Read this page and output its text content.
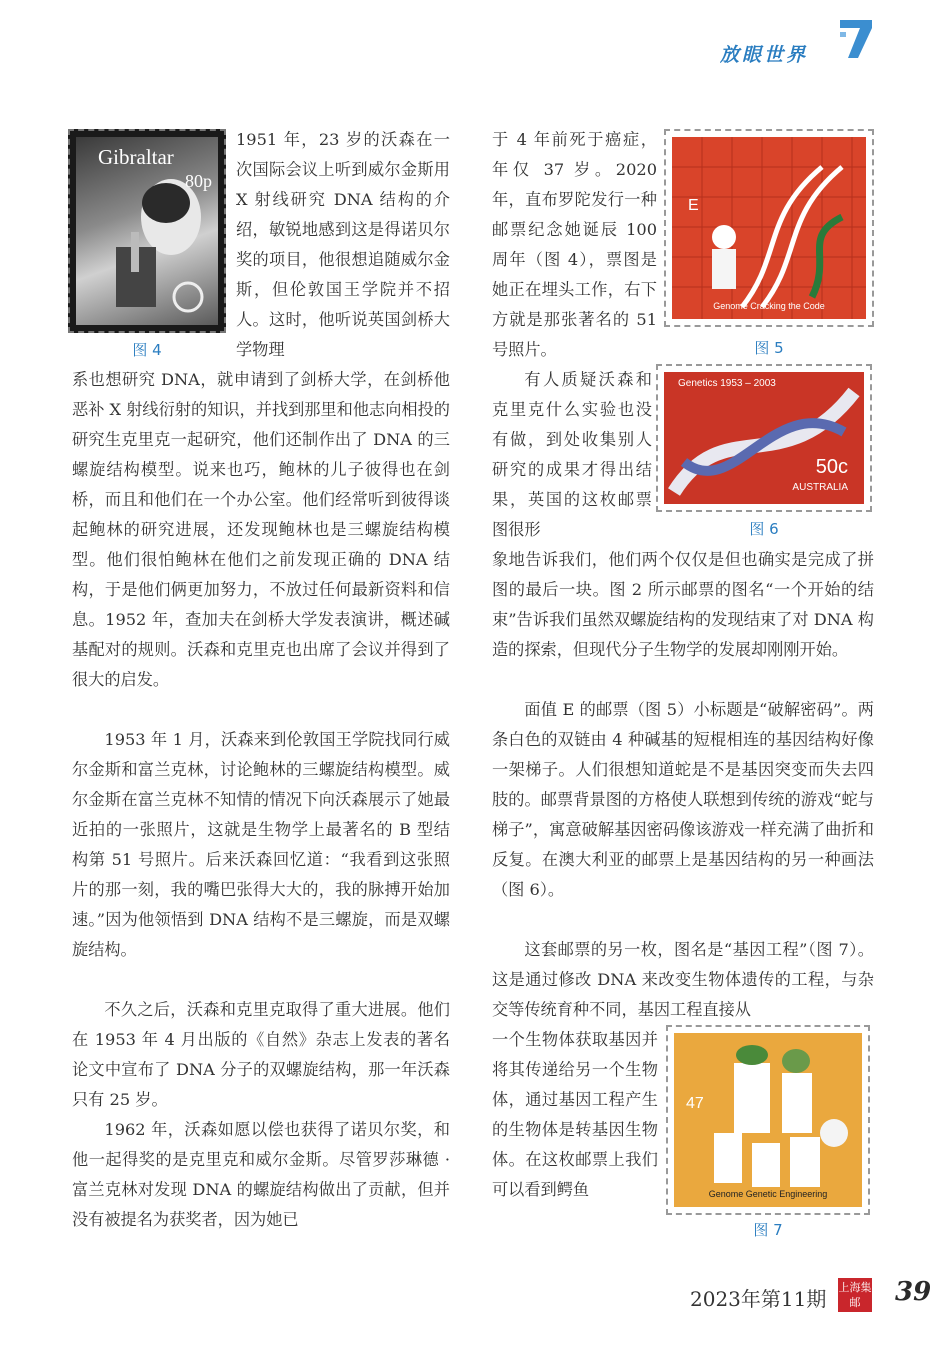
放眼世界
Gibraltar
80p
图 4

1951 年，23 岁的沃森在一次国际会议上听到威尔金斯用 X 射线研究 DNA 结构的介绍，敏锐地感到这是得诺贝尔奖的项目，他很想追随威尔金斯，但伦敦国王学院并不招人。这时，他听说英国剑桥大学物理

系也想研究 DNA，就申请到了剑桥大学，在剑桥他恶补 X 射线衍射的知识，并找到那里和他志向相投的研究生克里克一起研究，他们还制作出了 DNA 的三螺旋结构模型。说来也巧，鲍林的儿子彼得也在剑桥，而且和他们在一个办公室。他们经常听到彼得谈起鲍林的研究进展，还发现鲍林也是三螺旋结构模型。他们很怕鲍林在他们之前发现正确的 DNA 结构，于是他们俩更加努力，不放过任何最新资料和信息。1952 年，查加夫在剑桥大学发表演讲，概述碱基配对的规则。沃森和克里克也出席了会议并得到了很大的启发。

1953 年 1 月，沃森来到伦敦国王学院找同行威尔金斯和富兰克林，讨论鲍林的三螺旋结构模型。威尔金斯在富兰克林不知情的情况下向沃森展示了她最近拍的一张照片，这就是生物学上最著名的 B 型结构第 51 号照片。后来沃森回忆道：“我看到这张照片的那一刻，我的嘴巴张得大大的，我的脉搏开始加速。”因为他领悟到 DNA 结构不是三螺旋，而是双螺旋结构。

不久之后，沃森和克里克取得了重大进展。他们在 1953 年 4 月出版的《自然》杂志上发表的著名论文中宣布了 DNA 分子的双螺旋结构，那一年沃森只有 25 岁。

1962 年，沃森如愿以偿也获得了诺贝尔奖，和他一起得奖的是克里克和威尔金斯。尽管罗莎琳德 · 富兰克林对发现 DNA 的螺旋结构做出了贡献，但并没有被提名为获奖者，因为她已

于 4 年前死于癌症，年仅 37 岁。2020 年，直布罗陀发行一种邮票纪念她诞辰 100 周年（图 4），票图是她正在埋头工作，右下方就是那张著名的 51 号照片。

E
Genome Cracking the Code
图 5

有人质疑沃森和克里克什么实验也没有做，到处收集别人研究的成果才得出结果，英国的这枚邮票图很形

Genetics 1953 – 2003
50c
AUSTRALIA
图 6

象地告诉我们，他们两个仅仅是但也确实是完成了拼图的最后一块。图 2 所示邮票的图名“一个开始的结束”告诉我们虽然双螺旋结构的发现结束了对 DNA 构造的探索，但现代分子生物学的发展却刚刚开始。

面值 E 的邮票（图 5）小标题是“破解密码”。两条白色的双链由 4 种碱基的短棍相连的基因结构好像一架梯子。人们很想知道蛇是不是基因突变而失去四肢的。邮票背景图的方格使人联想到传统的游戏“蛇与梯子”，寓意破解基因密码像该游戏一样充满了曲折和反复。在澳大利亚的邮票上是基因结构的另一种画法（图 6）。

这套邮票的另一枚，图名是“基因工程”（图 7）。这是通过修改 DNA 来改变生物体遗传的工程，与杂交等传统育种不同，基因工程直接从

一个生物体获取基因并将其传递给另一个生物体，通过基因工程产生的生物体是转基因生物体。在这枚邮票上我们可以看到鳄鱼

47
Genome Genetic Engineering
图 7
2023年第11期 上海集邮	39
